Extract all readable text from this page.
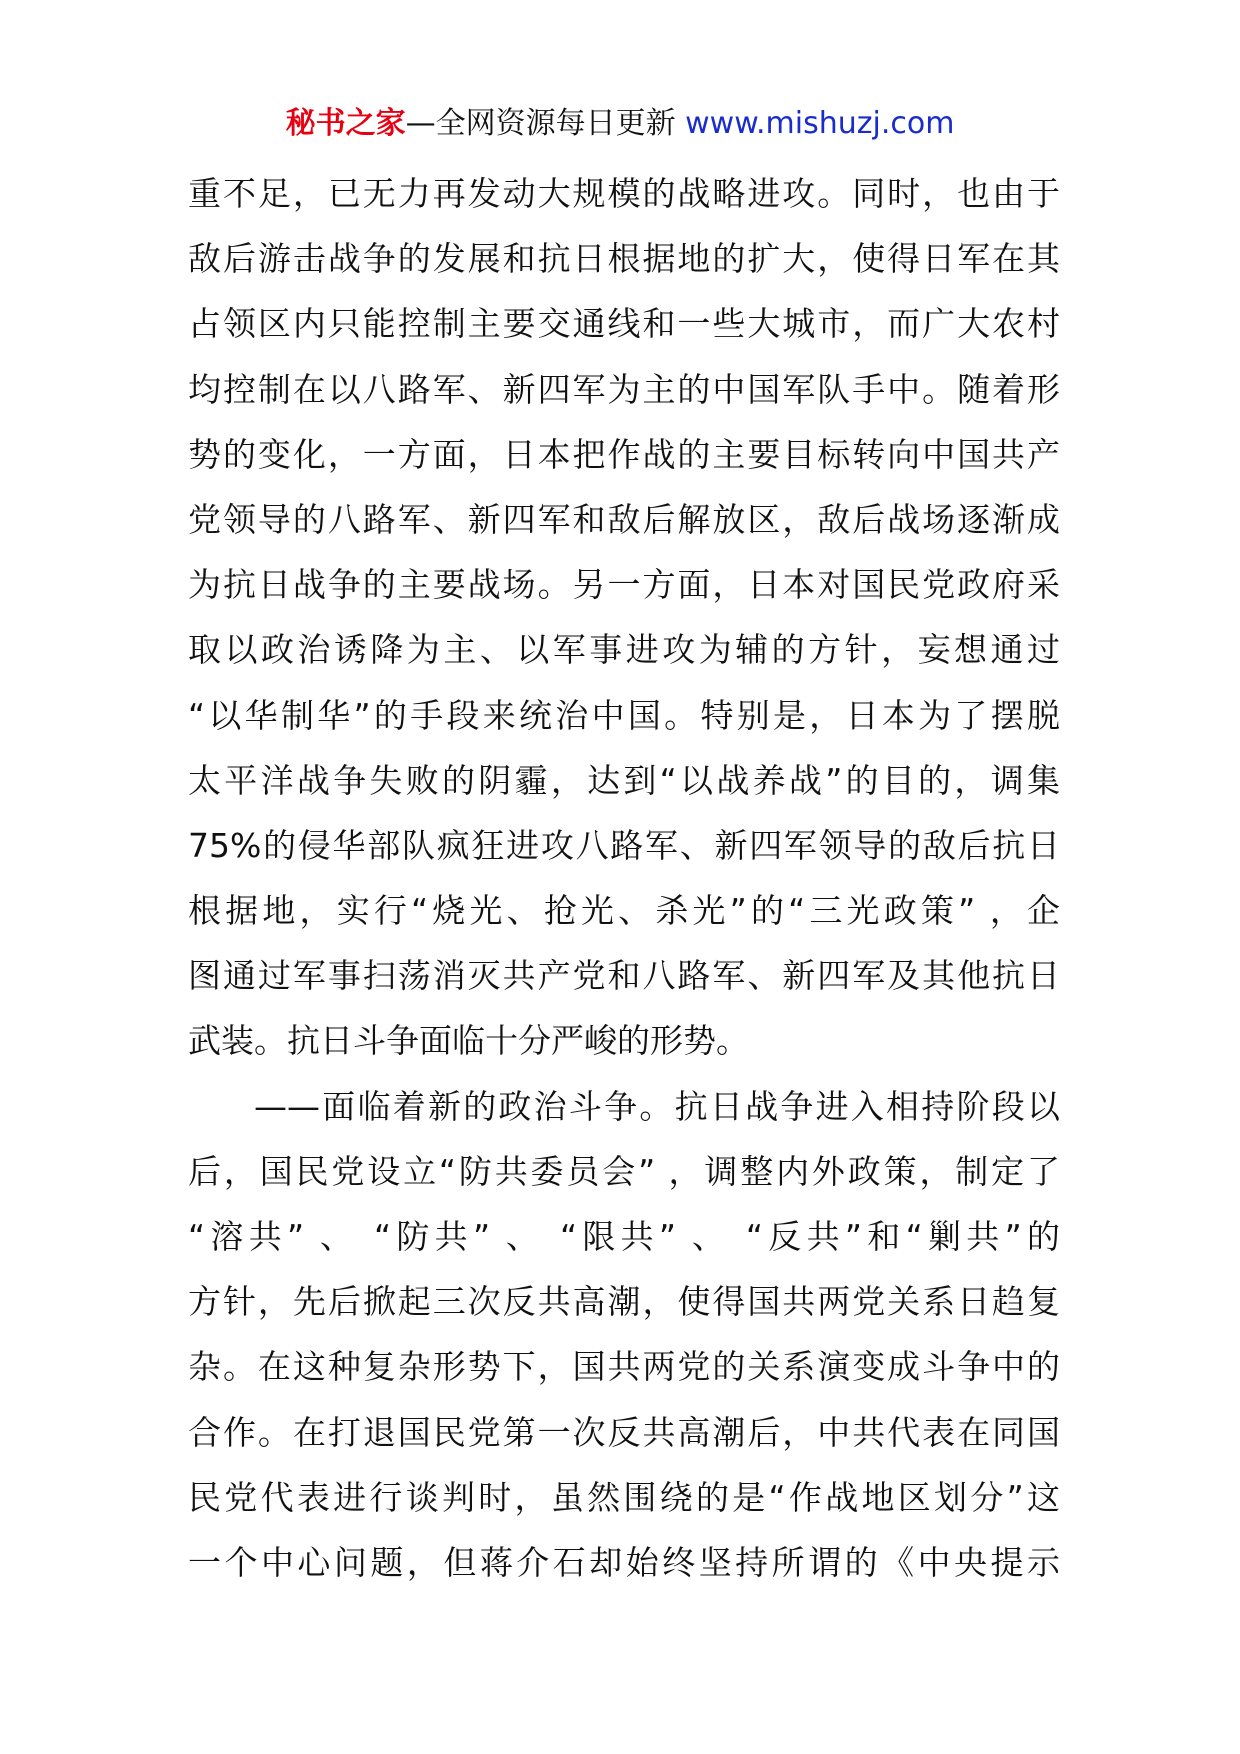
秘书之家—全网资源每日更新 www.mishuzj.com
重不足，已无力再发动大规模的战略进攻。同时，也由于
敌后游击战争的发展和抗日根据地的扩大，使得日军在其
占领区内只能控制主要交通线和一些大城市，而广大农村
均控制在以八路军、新四军为主的中国军队手中。随着形
势的变化，一方面，日本把作战的主要目标转向中国共产
党领导的八路军、新四军和敌后解放区，敌后战场逐渐成
为抗日战争的主要战场。另一方面，日本对国民党政府采
取以政治诱降为主、以军事进攻为辅的方针，妄想通过
“以华制华”的手段来统治中国。特别是，日本为了摆脱
太平洋战争失败的阴霾，达到“以战养战”的目的，调集
75%的侵华部队疯狂进攻八路军、新四军领导的敌后抗日
根据地，实行“烧光、抢光、杀光”的“三光政策” ，企
图通过军事扫荡消灭共产党和八路军、新四军及其他抗日
武装。抗日斗争面临十分严峻的形势。
——面临着新的政治斗争。抗日战争进入相持阶段以
后，国民党设立“防共委员会” ，调整内外政策，制定了
“溶共” 、 “防共” 、 “限共” 、 “反共”和“剿共”的
方针，先后掀起三次反共高潮，使得国共两党关系日趋复
杂。在这种复杂形势下，国共两党的关系演变成斗争中的
合作。在打退国民党第一次反共高潮后，中共代表在同国
民党代表进行谈判时，虽然围绕的是“作战地区划分”这
一个中心问题，但蒋介石却始终坚持所谓的《中央提示
